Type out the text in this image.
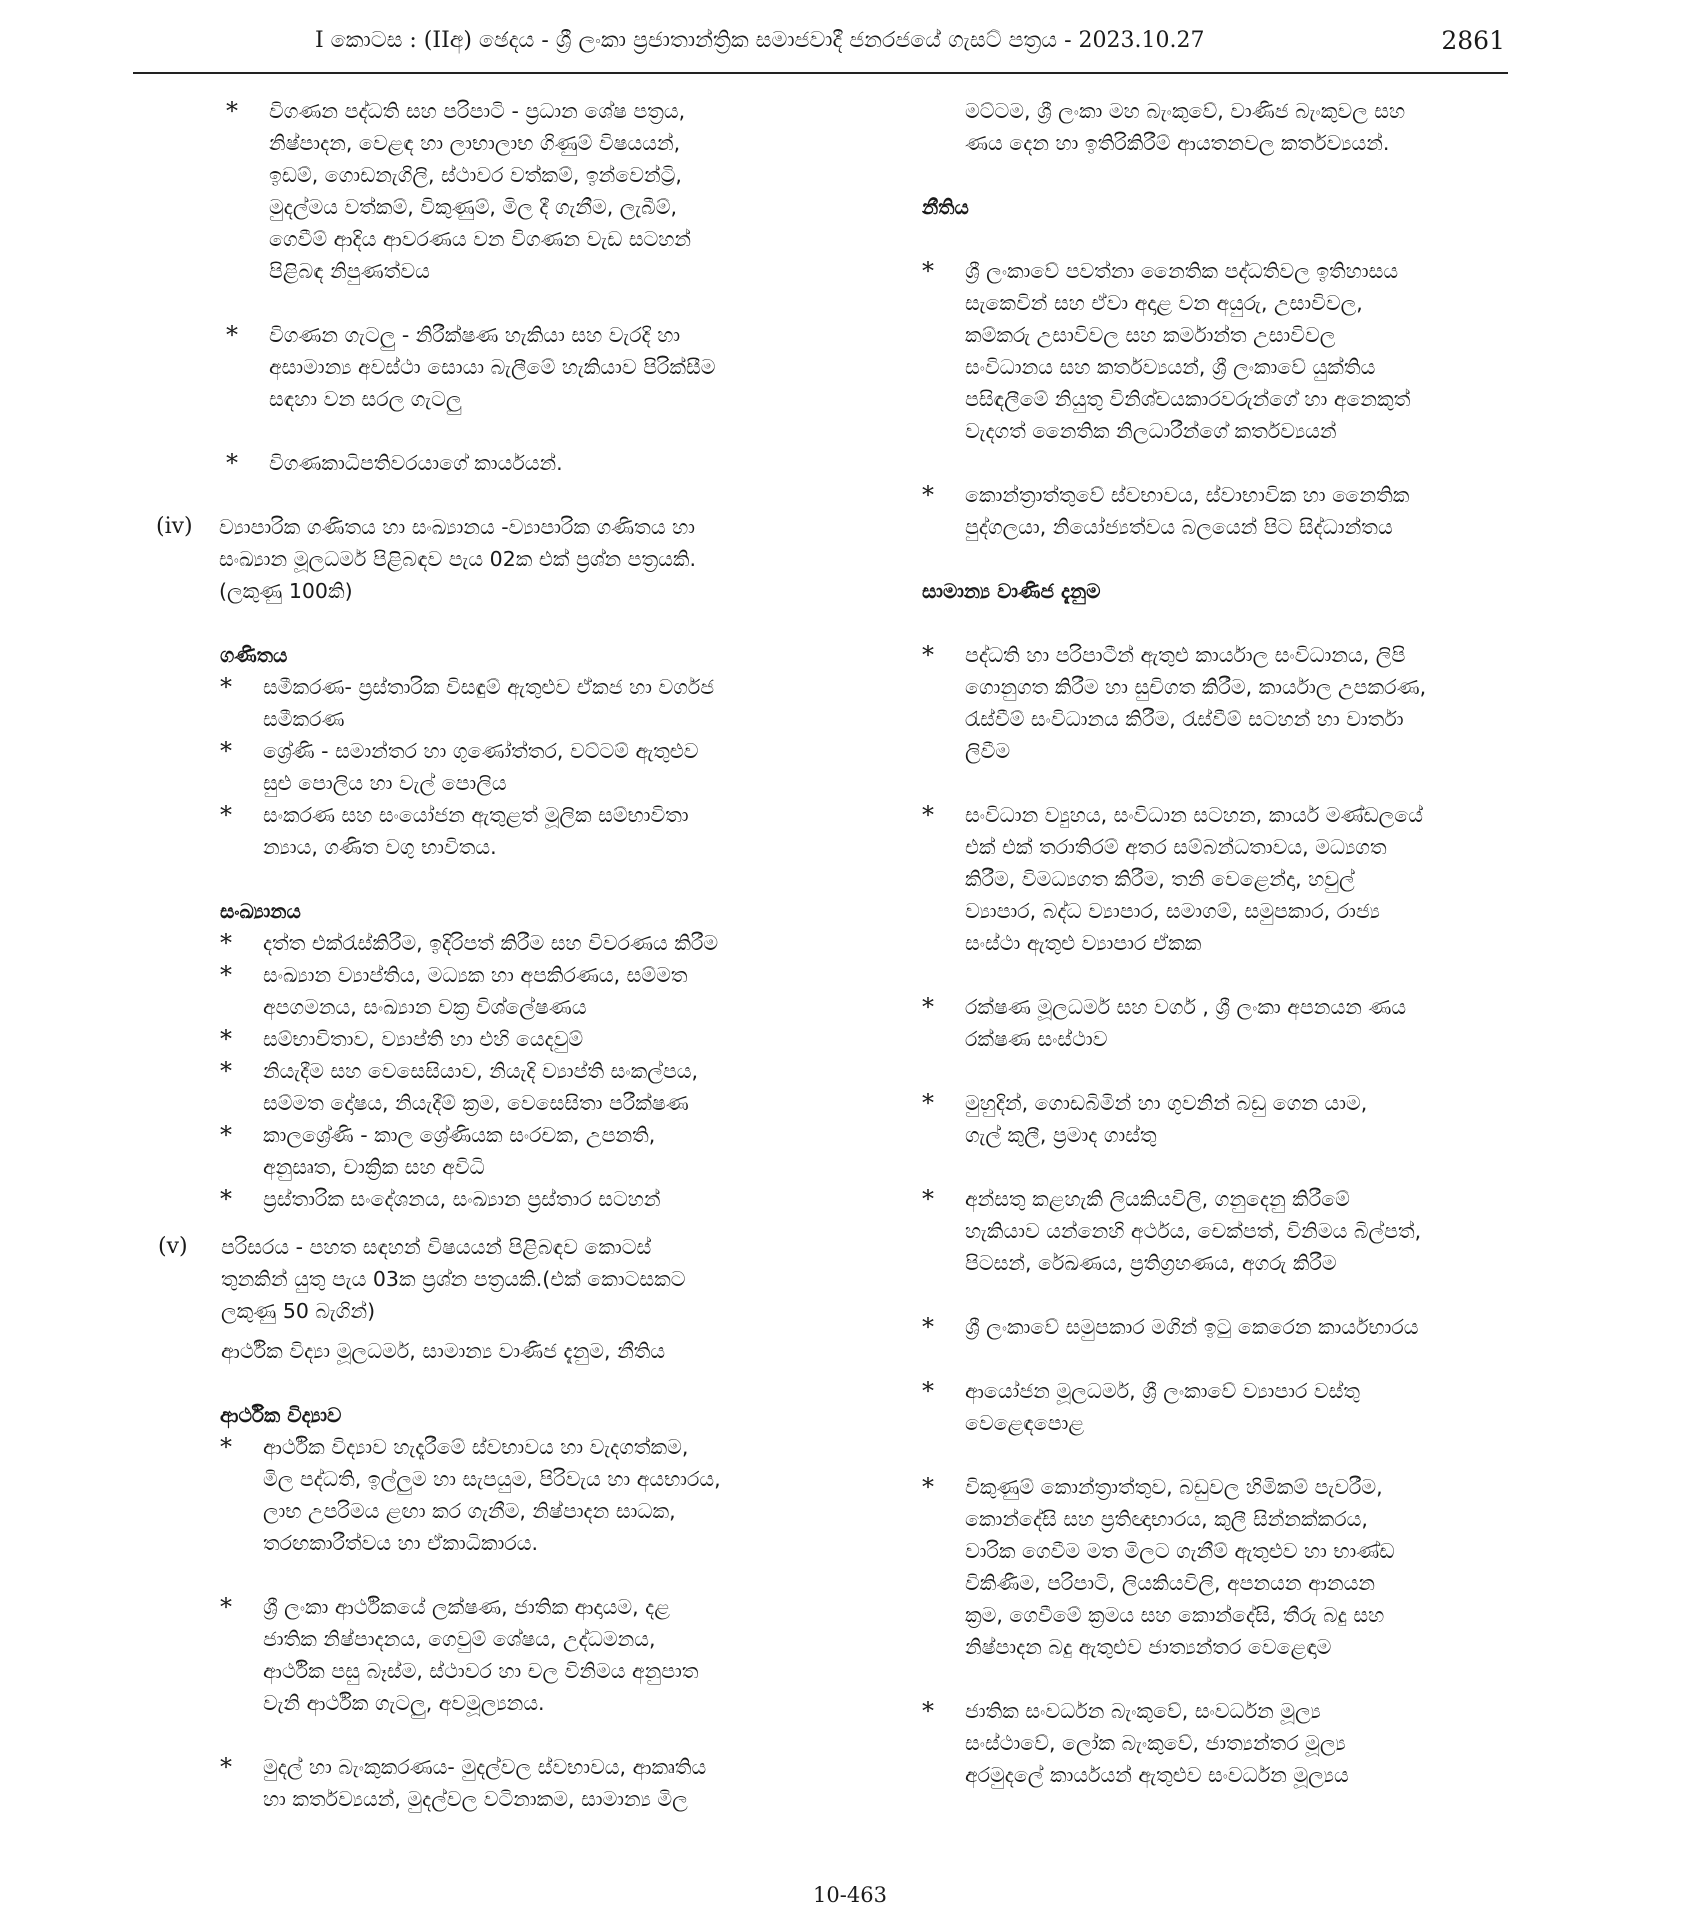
I කොටස : (IIඅ) ඡෙදය - ශ්‍රී ලංකා ප්‍රජාතාන්ත්‍රික සමාජවාදී ජනරජයේ ගැසට් පත්‍රය - 2023.10.27	2861
*	විගණන පද්ධති සහ පරිපාටි - ප්‍රධාන ශේෂ පත්‍රය,
නිෂ්පාදන, වෙළඳ හා ලාභාලාභ ගිණුම් විෂයයන්,
ඉඩම්, ගොඩනැගිලි, ස්ථාවර වත්කම්, ඉන්වෙන්ට්‍රි,
මුදල්මය වත්කම්, විකුණුම්, මිල දී ගැනීම, ලැබීම්,
ගෙවීම් ආදිය ආවරණය වන විගණන වැඩ සටහන්
පිළිබඳ නිපුණත්වය
*	විගණන ගැටලු - නිරීක්ෂණ හැකියා සහ වැරදි හා
අසාමාන්‍ය අවස්ථා සොයා බැලීමේ හැකියාව පිරික්සීම
සඳහා වන සරල ගැටලු
*	විගණකාධිපතිවරයාගේ කාර්යයන්.
(iv)	ව්‍යාපාරික ගණිතය හා සංඛ්‍යානය -ව්‍යාපාරික ගණිතය හා
සංඛ්‍යාන මූලධර්ම පිළිබඳව පැය 02ක එක් ප්‍රශ්න පත්‍රයකි.
(ලකුණු 100කි)
ගණිතය
*	සමීකරණ- ප්‍රස්තාරික විසඳුම් ඇතුළුව ඒකජ හා වර්ගජ
සමීකරණ
*	ශ්‍රේණි - සමාන්තර හා ගුණෝත්තර, වට්ටම් ඇතුළුව
සුළු පොලිය හා වැල් පොලිය
*	සංකරණ සහ සංයෝජන ඇතුළත් මූලික සම්භාවිතා
න්‍යාය, ගණිත වගු භාවිතය.
සංඛ්‍යානය
*	දත්ත එක්රැස්කිරීම, ඉදිරිපත් කිරීම සහ විවරණය කිරීම
*	සංඛ්‍යාන ව්‍යාප්තිය, මධ්‍යක හා අපකිරණය, සම්මත
අපගමනය, සංඛ්‍යාන වක්‍ර විශ්ලේෂණය
*	සම්භාවිතාව, ව්‍යාප්ති හා එහි යෙදවුම්
*	නියැදීම සහ වෙසෙසියාව, නියැදි ව්‍යාප්ති සංකල්පය,
සම්මත දෝෂය, නියැදීම් ක්‍රම, වෙසෙසිතා පරීක්ෂණ
*	කාලශ්‍රේණි - කාල ශ්‍රේණියක සංරචක, උපනති,
අනුසෘත, චාක්‍රික සහ අවිධි
*	ප්‍රස්තාරික සංදේශනය, සංඛ්‍යාන ප්‍රස්තාර සටහන්
(v)	පරිසරය - පහත සඳහන් විෂයයන් පිළිබඳව කොටස්
තුනකින් යුතු පැය 03ක ප්‍රශ්න පත්‍රයකි.(එක් කොටසකට
ලකුණු 50 බැගින්)
ආර්ථික විද්‍යා මූලධර්ම, සාමාන්‍ය වාණිජ දැනුම, නීතිය
ආර්ථික විද්‍යාව
*	ආර්ථික විද්‍යාව හැදෑරීමේ ස්වභාවය හා වැදගත්කම,
මිල පද්ධති, ඉල්ලුම හා සැපයුම, පිරිවැය හා අයභාරය,
ලාභ උපරිමය ළඟා කර ගැනීම, නිෂ්පාදන සාධක,
තරඟකාරීත්වය හා ඒකාධිකාරය.
*	ශ්‍රී ලංකා ආර්ථිකයේ ලක්ෂණ, ජාතික ආදායම, දළ
ජාතික නිෂ්පාදනය, ගෙවුම් ශේෂය, උද්ධමනය,
ආර්ථික පසු බෑස්ම, ස්ථාවර හා චල විනිමය අනුපාත
වැනි ආර්ථික ගැටලු, අවමූල්‍යනය.
*	මුදල් හා බැංකුකරණය- මුදල්වල ස්වභාවය, ආකෘතිය
හා කර්තව්‍යයන්, මුදල්වල වටිනාකම, සාමාන්‍ය මිල
මට්ටම, ශ්‍රී ලංකා මහ බැංකුවේ, වාණිජ බැංකුවල සහ
ණය දෙන හා ඉතිරිකිරීම් ආයතනවල කර්තව්‍යයන්.
නීතිය
*	ශ්‍රී ලංකාවේ පවත්නා නෛතික පද්ධතිවල ඉතිහාසය
සැකෙවින් සහ ඒවා අදාළ වන අයුරු, උසාවිවල,
කම්කරු උසාවිවල සහ කර්මාන්ත උසාවිවල
සංවිධානය සහ කර්තව්‍යයන්, ශ්‍රී ලංකාවේ යුක්තිය
පසිඳලීමේ නියුතු විනිශ්චයකාරවරුන්ගේ හා අනෙකුත්
වැදගත් නෛතික නිලධාරීන්ගේ කර්තව්‍යයන්
*	කොන්ත්‍රාත්තුවේ ස්වභාවය, ස්වාභාවික හා නෛතික
පුද්ගලයා, නියෝජ්‍යත්වය බලයෙන් පිට සිද්ධාන්තය
සාමාන්‍ය වාණිජ දැනුම
*	පද්ධති හා පරිපාටීන් ඇතුළු කාර්යාල සංවිධානය, ලිපි
ගොනුගත කිරීම හා සුචිගත කිරීම, කාර්යාල උපකරණ,
රැස්වීම් සංවිධානය කිරීම, රැස්වීම් සටහන් හා වාර්තා
ලිවීම
*	සංවිධාන ව්‍යුහය, සංවිධාන සටහන, කාර්ය මණ්ඩලයේ
එක් එක් තරාතිරම් අතර සම්බන්ධතාවය, මධ්‍යගත
කිරීම, විමධ්‍යගත කිරීම, තනි වෙළෙන්දා, හවුල්
ව්‍යාපාර, බද්ධ ව්‍යාපාර, සමාගම්, සමුපකාර, රාජ්‍ය
සංස්ථා ඇතුළු ව්‍යාපාර ඒකක
*	රක්ෂණ මූලධර්ම සහ වර්ග , ශ්‍රී ලංකා අපනයන ණය
රක්ෂණ සංස්ථාව
*	මුහුදින්, ගොඩබිමින් හා ගුවනින් බඩු ගෙන යාම,
ගැල් කුලී, ප්‍රමාද ගාස්තු
*	අන්සතු කළහැකි ලියකියවිලි, ගනුදෙනු කිරීමේ
හැකියාව යන්නෙහි අර්ථය, චෙක්පත්, විනිමය බිල්පත්,
පිටසන්, රේඛණය, ප්‍රතිග්‍රහණය, අගරු කිරීම
*	ශ්‍රී ලංකාවේ සමුපකාර මගින් ඉටු කෙරෙන කාර්යභාරය
*	ආයෝජන මූලධර්ම, ශ්‍රී ලංකාවේ ව්‍යාපාර වස්තු
වෙළෙඳපොළ
*	විකුණුම් කොන්ත්‍රාත්තුව, බඩුවල හිමිකම් පැවරීම,
කොන්දේසි සහ ප්‍රතිඥාභාරය, කුලී සින්නක්කරය,
වාරික ගෙවීම මත මිලට ගැනීම් ඇතුළුව හා භාණ්ඩ
විකිණීම, පරිපාටි, ලියකියවිලි, අපනයන ආනයන
ක්‍රම, ගෙවීමේ ක්‍රමය සහ කොන්දේසි, තීරු බදු සහ
නිෂ්පාදන බදු ඇතුළුව ජාත්‍යන්තර වෙළෙඳාම
*	ජාතික සංවර්ධන බැංකුවේ, සංවර්ධන මූල්‍ය
සංස්ථාවේ, ලෝක බැංකුවේ, ජාත්‍යන්තර මූල්‍ය
අරමුදලේ කාර්යයන් ඇතුළුව සංවර්ධන මූල්‍යය
10-463
